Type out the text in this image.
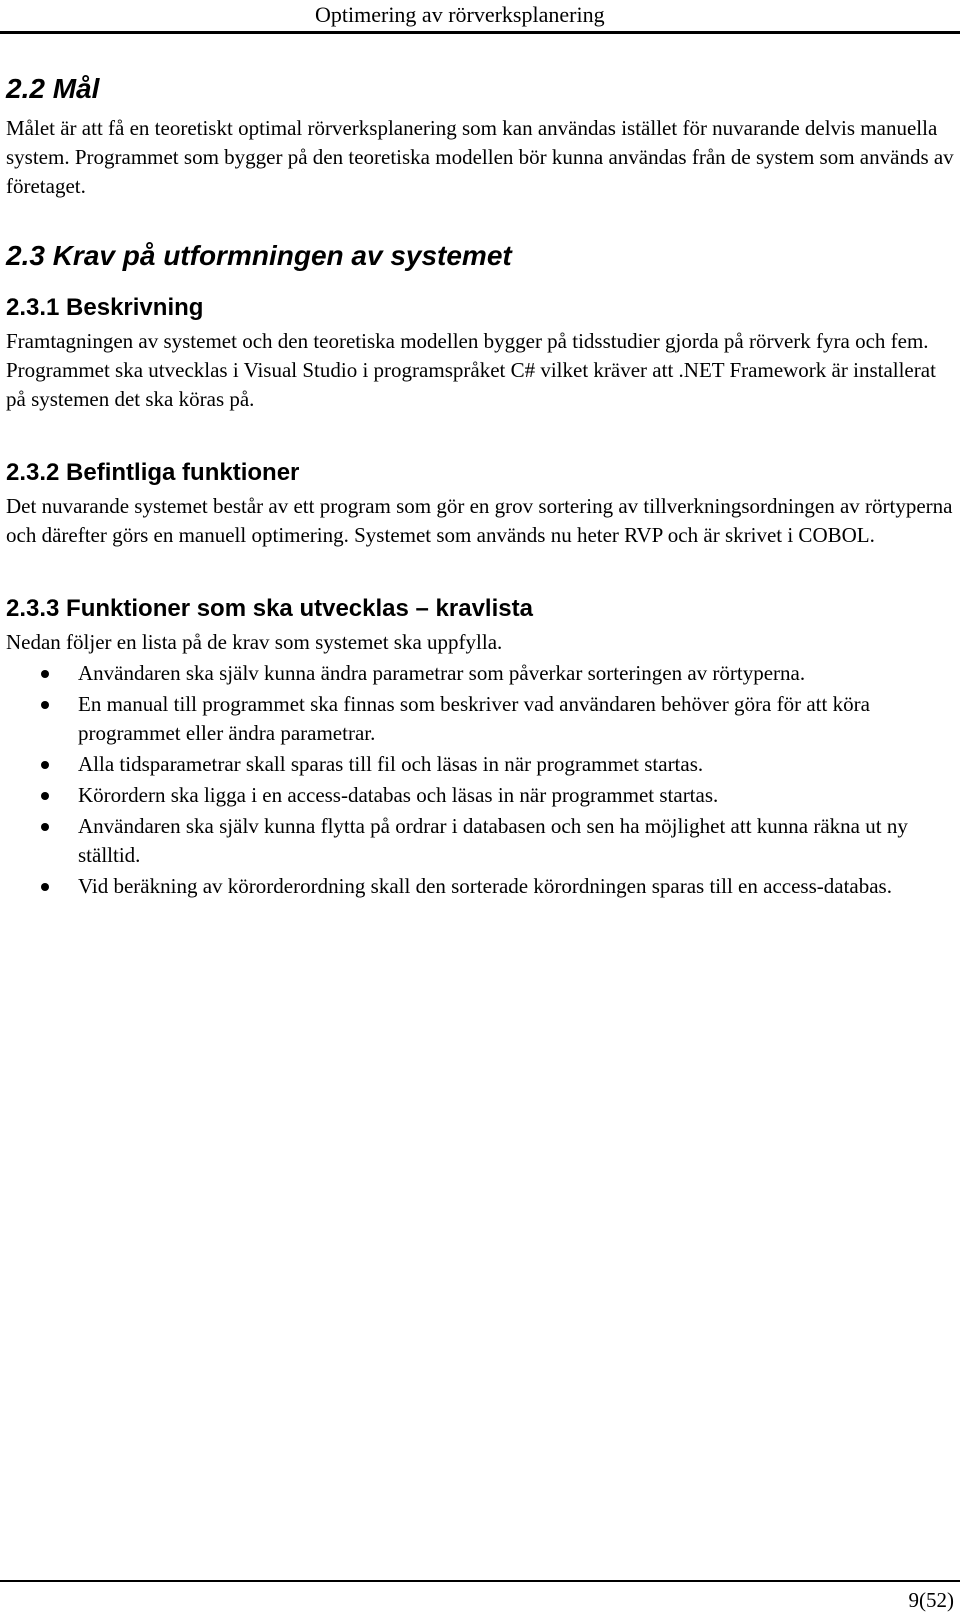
Optimering av rörverksplanering
2.2 Mål

Målet är att få en teoretiskt optimal rörverksplanering som kan användas istället för nuvarande delvis manuella system. Programmet som bygger på den teoretiska modellen bör kunna användas från de system som används av företaget.

2.3 Krav på utformningen av systemet
2.3.1 Beskrivning

Framtagningen av systemet och den teoretiska modellen bygger på tidsstudier gjorda på rörverk fyra och fem. Programmet ska utvecklas i Visual Studio i programspråket C# vilket kräver att .NET Framework är installerat på systemen det ska köras på.

2.3.2 Befintliga funktioner

Det nuvarande systemet består av ett program som gör en grov sortering av tillverkningsordningen av rörtyperna och därefter görs en manuell optimering. Systemet som används nu heter RVP och är skrivet i COBOL.

2.3.3 Funktioner som ska utvecklas – kravlista

Nedan följer en lista på de krav som systemet ska uppfylla.

Användaren ska själv kunna ändra parametrar som påverkar sorteringen av rörtyperna.
En manual till programmet ska finnas som beskriver vad användaren behöver göra för att köra programmet eller ändra parametrar.
Alla tidsparametrar skall sparas till fil och läsas in när programmet startas.
Körordern ska ligga i en access-databas och läsas in när programmet startas.
Användaren ska själv kunna flytta på ordrar i databasen och sen ha möjlighet att kunna räkna ut ny ställtid.
Vid beräkning av körorderordning skall den sorterade körordningen sparas till en access-databas.
9(52)
